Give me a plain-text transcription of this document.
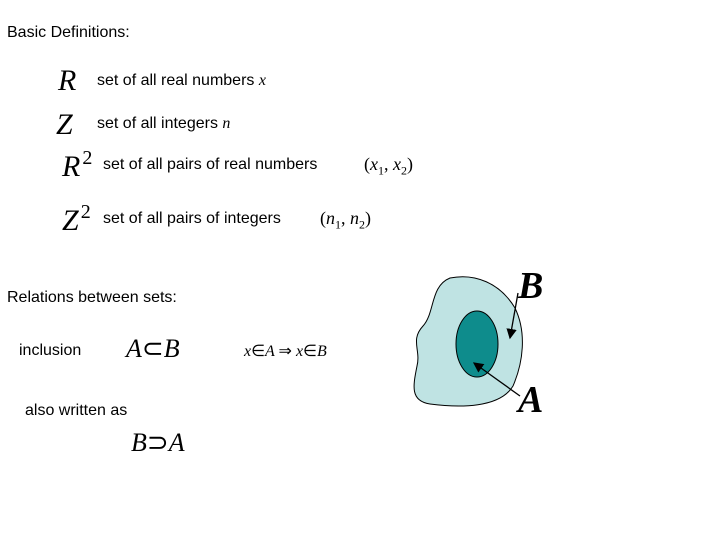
Basic Definitions:
R set of all real numbers x
Z set of all integers n
R $^2$ set of all pairs of real numbers	($x_1$, $x_2$)
Z $^2$ set of all pairs of integers ($n_1$, $n_2$)
Relations between sets:
inclusion A⊂B	x∈A ⇒ x∈B
also written as
B⊃A
B
A
